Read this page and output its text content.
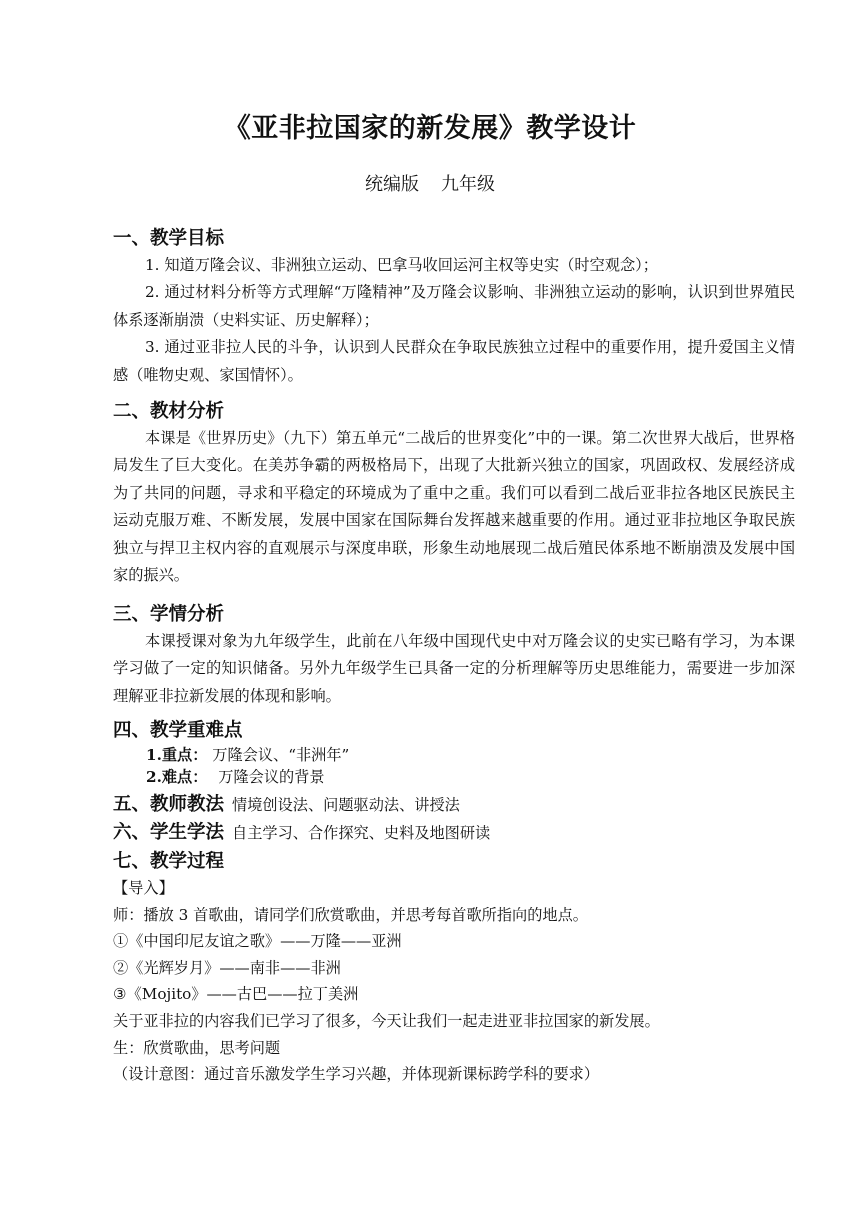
《亚非拉国家的新发展》教学设计
统编版 九年级
一、教学目标
1. 知道万隆会议、非洲独立运动、巴拿马收回运河主权等史实（时空观念）；
2. 通过材料分析等方式理解“万隆精神”及万隆会议影响、非洲独立运动的影响，认识到世界殖民体系逐渐崩溃（史料实证、历史解释）；
3. 通过亚非拉人民的斗争，认识到人民群众在争取民族独立过程中的重要作用，提升爱国主义情感（唯物史观、家国情怀）。
二、教材分析
本课是《世界历史》（九下）第五单元“二战后的世界变化”中的一课。第二次世界大战后，世界格局发生了巨大变化。在美苏争霸的两极格局下，出现了大批新兴独立的国家，巩固政权、发展经济成为了共同的问题，寻求和平稳定的环境成为了重中之重。我们可以看到二战后亚非拉各地区民族民主运动克服万难、不断发展，发展中国家在国际舞台发挥越来越重要的作用。通过亚非拉地区争取民族独立与捍卫主权内容的直观展示与深度串联，形象生动地展现二战后殖民体系地不断崩溃及发展中国家的振兴。
三、学情分析
本课授课对象为九年级学生，此前在八年级中国现代史中对万隆会议的史实已略有学习，为本课学习做了一定的知识储备。另外九年级学生已具备一定的分析理解等历史思维能力，需要进一步加深理解亚非拉新发展的体现和影响。
四、教学重难点
1.重点： 万隆会议、“非洲年”
2.难点： 万隆会议的背景
五、教师教法 情境创设法、问题驱动法、讲授法
六、学生学法 自主学习、合作探究、史料及地图研读
七、教学过程
【导入】
师：播放 3 首歌曲，请同学们欣赏歌曲，并思考每首歌所指向的地点。
①《中国印尼友谊之歌》——万隆——亚洲
②《光辉岁月》——南非——非洲
③《Mojito》——古巴——拉丁美洲
关于亚非拉的内容我们已学习了很多，今天让我们一起走进亚非拉国家的新发展。
生：欣赏歌曲，思考问题
（设计意图：通过音乐激发学生学习兴趣，并体现新课标跨学科的要求）
